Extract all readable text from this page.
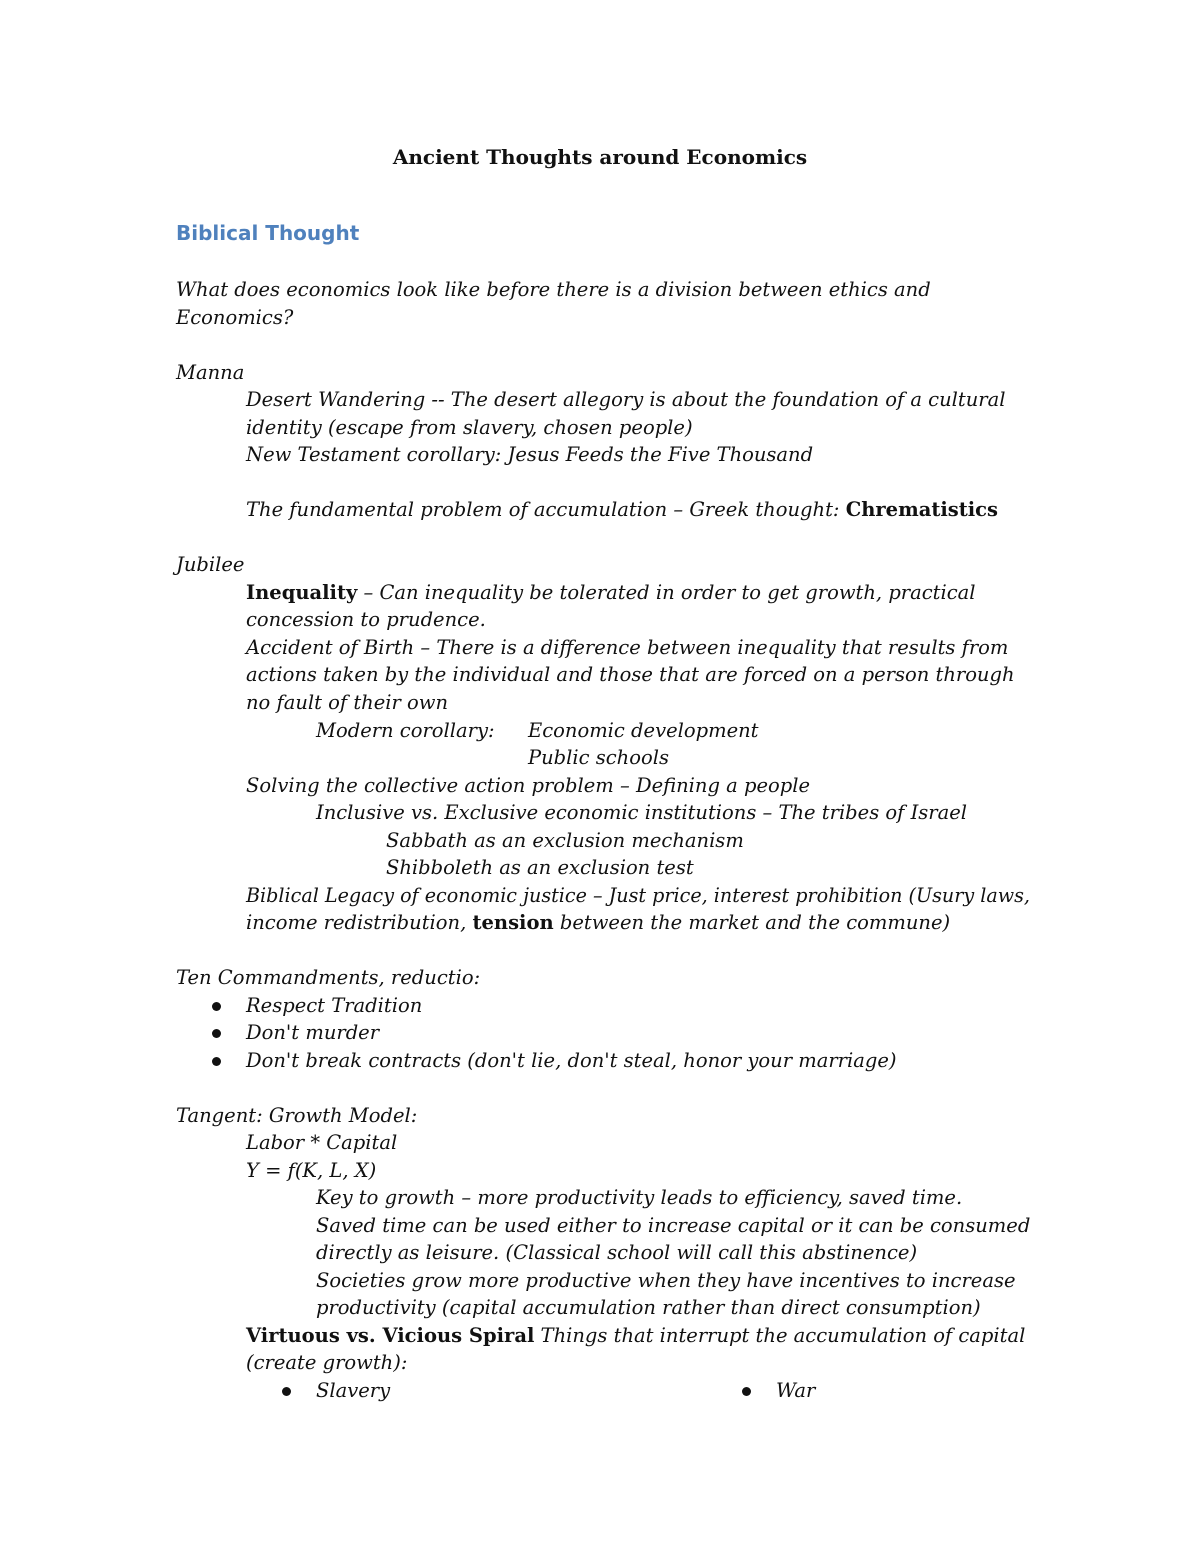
Ancient Thoughts around Economics
Biblical Thought
What does economics look like before there is a division between ethics and
Economics?
Manna
Desert Wandering -- The desert allegory is about the foundation of a cultural
identity (escape from slavery, chosen people)
New Testament corollary: Jesus Feeds the Five Thousand
The fundamental problem of accumulation – Greek thought: Chrematistics
Jubilee
Inequality – Can inequality be tolerated in order to get growth, practical
concession to prudence.
Accident of Birth – There is a difference between inequality that results from
actions taken by the individual and those that are forced on a person through
no fault of their own
Modern corollary: Economic development
Public schools
Solving the collective action problem – Defining a people
Inclusive vs. Exclusive economic institutions – The tribes of Israel
Sabbath as an exclusion mechanism
Shibboleth as an exclusion test
Biblical Legacy of economic justice – Just price, interest prohibition (Usury laws,
income redistribution, tension between the market and the commune)
Ten Commandments, reductio:
Respect Tradition
Don't murder
Don't break contracts (don't lie, don't steal, honor your marriage)
Tangent: Growth Model:
Labor * Capital
Y = f(K, L, X)
Key to growth – more productivity leads to efficiency, saved time.
Saved time can be used either to increase capital or it can be consumed
directly as leisure. (Classical school will call this abstinence)
Societies grow more productive when they have incentives to increase
productivity (capital accumulation rather than direct consumption)
Virtuous vs. Vicious Spiral Things that interrupt the accumulation of capital
(create growth):
Slavery	War
